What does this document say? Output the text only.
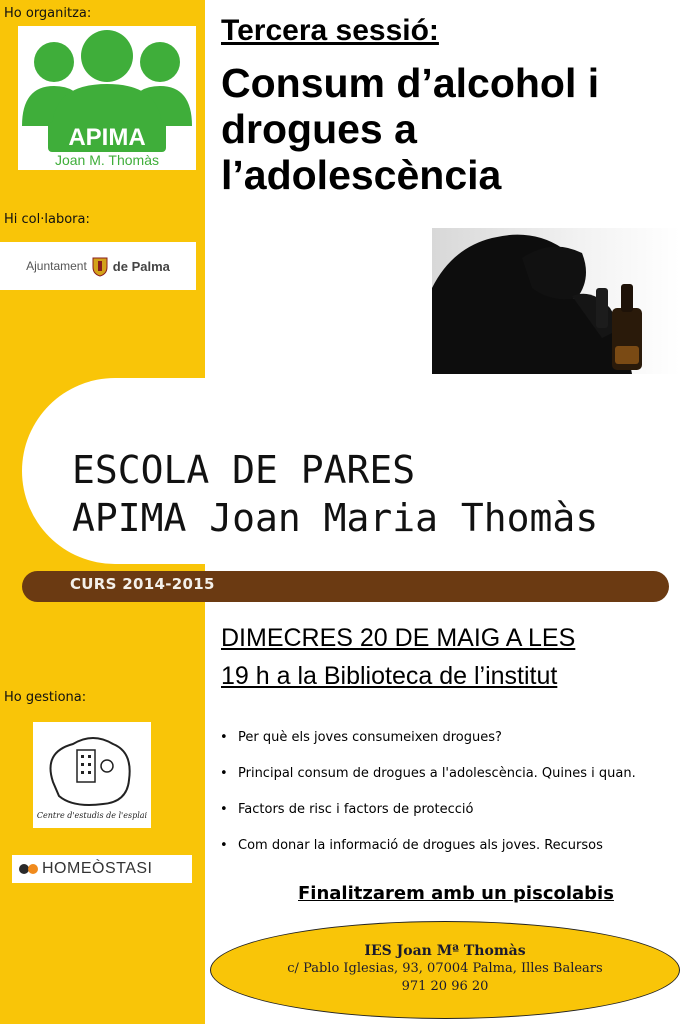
Ho organitza:
APIMA
Joan M. Thomàs
Hi col·labora:
Ajuntament de Palma
Tercera sessió:
Consum d’alcohol i drogues a l’adolescència
ESCOLA DE PARES
APIMA Joan Maria Thomàs
CURS 2014-2015
DIMECRES 20 DE MAIG A LES
19 h a la Biblioteca de l’institut
Ho gestiona:
Centre d'estudis de l'esplai
HOMEÒSTASI
• Per què els joves consumeixen drogues?
• Principal consum de drogues a l'adolescència. Quines i quan.
• Factors de risc i factors de protecció
• Com donar la informació de drogues als joves. Recursos
Finalitzarem amb un piscolabis
IES Joan Mª Thomàs
c/ Pablo Iglesias, 93, 07004 Palma, Illes Balears
971 20 96 20
